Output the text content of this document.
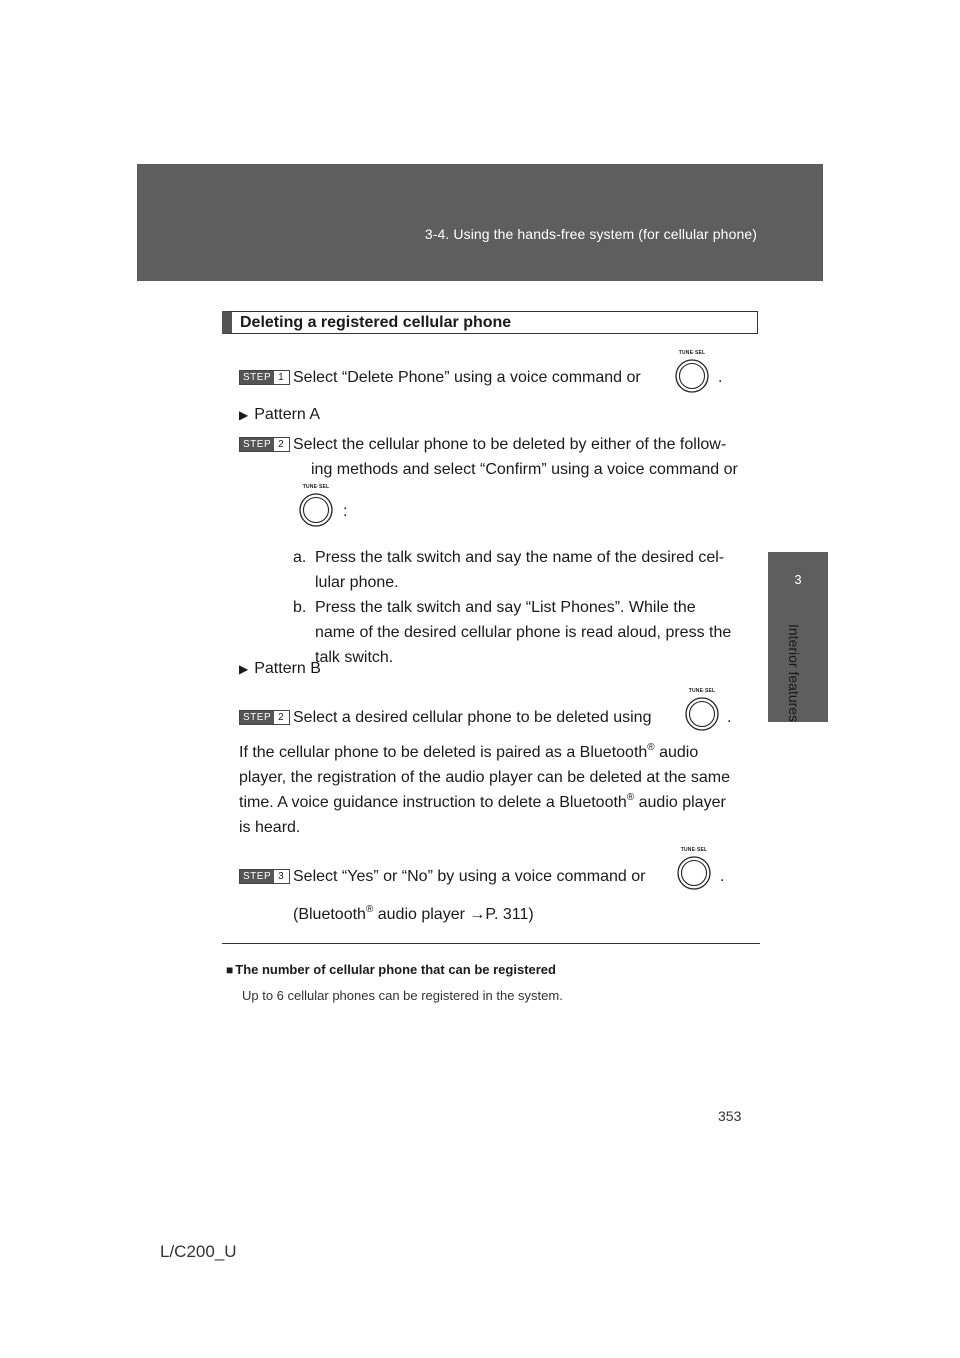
3-4. Using the hands-free system (for cellular phone)
3
Interior features
Deleting a registered cellular phone
STEP 1 Select “Delete Phone” using a voice command or
TUNE·SEL
.
▶ Pattern A
STEP 2 Select the cellular phone to be deleted by either of the follow-
ing methods and select “Confirm” using a voice command or
TUNE·SEL
:
a. Press the talk switch and say the name of the desired cel-
lular phone.
b. Press the talk switch and say “List Phones”. While the
name of the desired cellular phone is read aloud, press the
talk switch.
▶ Pattern B
STEP 2 Select a desired cellular phone to be deleted using
TUNE·SEL
.
If the cellular phone to be deleted is paired as a Bluetooth® audio
player, the registration of the audio player can be deleted at the same
time. A voice guidance instruction to delete a Bluetooth® audio player
is heard.
STEP 3 Select “Yes” or “No” by using a voice command or
TUNE·SEL
.
(Bluetooth® audio player →P. 311)
■ The number of cellular phone that can be registered
Up to 6 cellular phones can be registered in the system.
353
L/C200_U
